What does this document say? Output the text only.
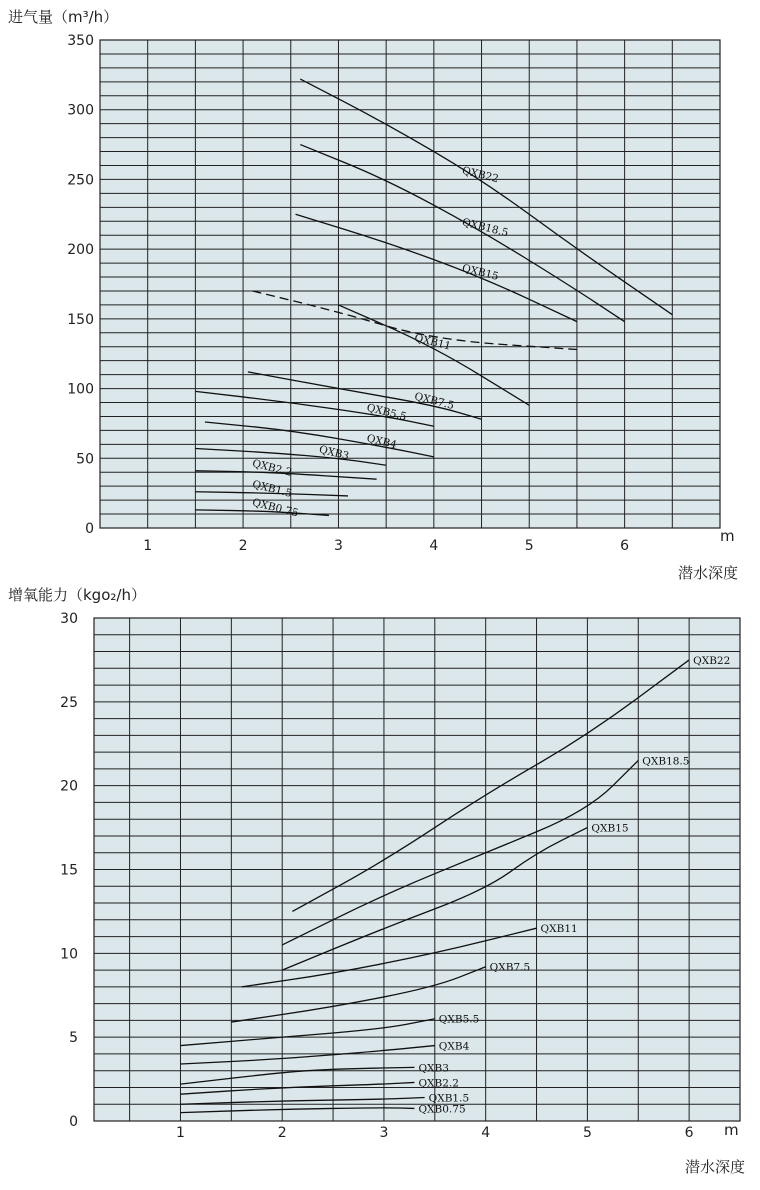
0
50
100
150
200
250
300
350
1	2	3	4	5	6
进气量（m³/h）
m
潜水深度
QXB22
QXB18.5
QXB15
QXB11
QXB7.5
QXB5.5
QXB4
QXB3
QXB2.2
QXB1.5
QXB0.75
0
5
10
15
20
25
30
1	2	3	4	5	6
增氧能力（kgo₂/h）
m
潜水深度
QXB22
QXB18.5
QXB15
QXB11
QXB7.5
QXB5.5
QXB4
QXB3
QXB2.2
QXB1.5
QXB0.75
